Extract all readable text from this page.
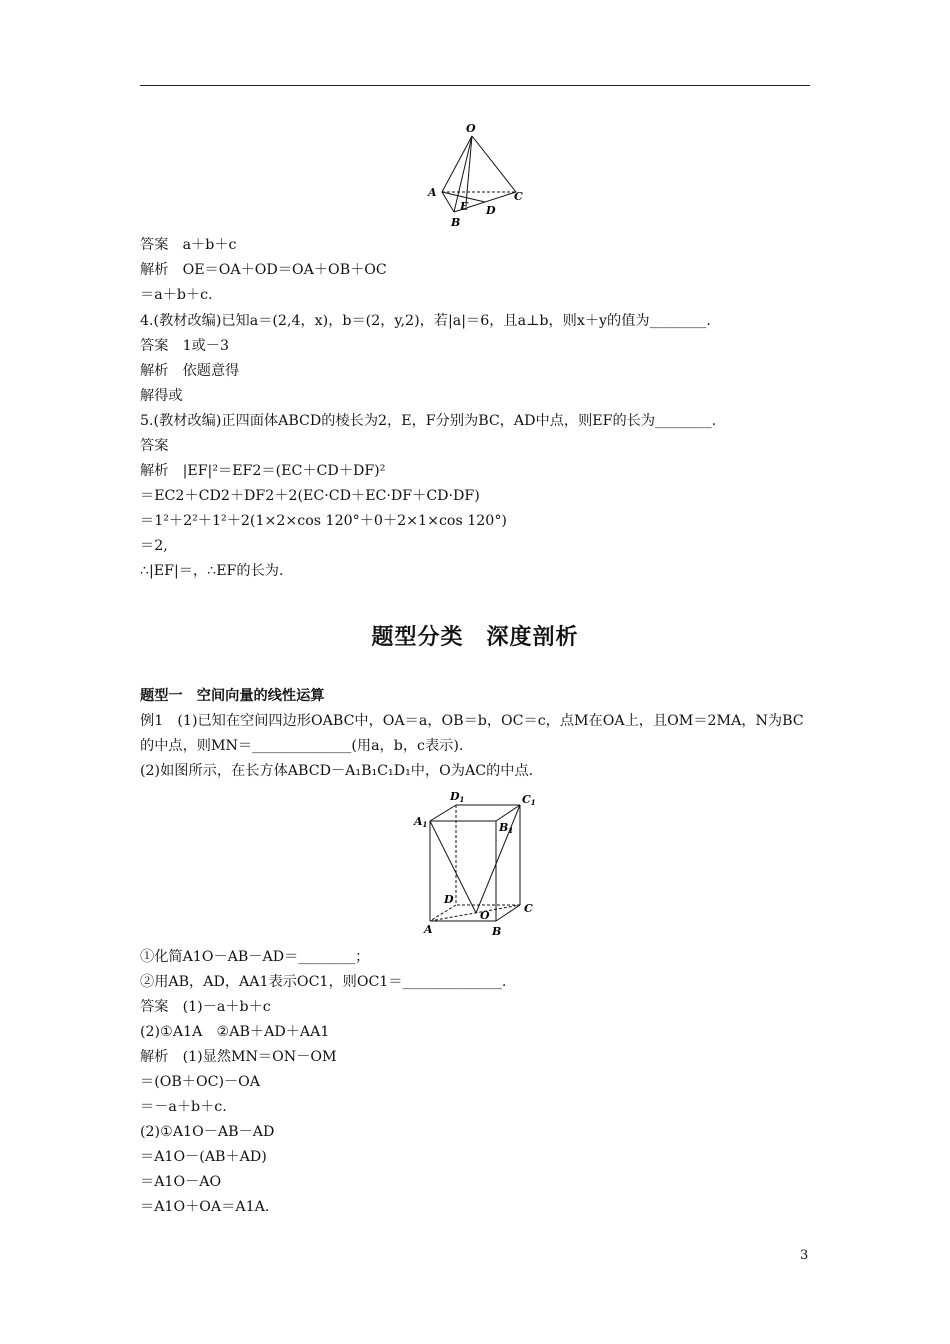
O
A	C
E D
B
答案　a＋b＋c
解析　OE＝OA＋OD＝OA＋OB＋OC
＝a＋b＋c.
4.(教材改编)已知a＝(2,4，x)，b＝(2，y,2)，若|a|＝6，且a⊥b，则x＋y的值为________.
答案　1或－3
解析　依题意得
解得或
5.(教材改编)正四面体ABCD的棱长为2，E，F分别为BC，AD中点，则EF的长为________.
答案
解析　|EF|²＝EF2＝(EC＋CD＋DF)²
＝EC2＋CD2＋DF2＋2(EC·CD＋EC·DF＋CD·DF)
＝1²＋2²＋1²＋2(1×2×cos 120°＋0＋2×1×cos 120°)
＝2,
∴|EF|＝，∴EF的长为.
题型分类　深度剖析
题型一　空间向量的线性运算
例1　(1)已知在空间四边形OABC中，OA＝a，OB＝b，OC＝c，点M在OA上，且OM＝2MA，N为BC
的中点，则MN＝______________(用a，b，c表示).
(2)如图所示，在长方体ABCD－A₁B₁C₁D₁中，O为AC的中点.
D1	C1
A1	B1
D
C
O
A	B
①化简A1O－AB－AD＝________；
②用AB，AD，AA1表示OC1，则OC1＝______________.
答案　(1)－a＋b＋c
(2)①A1A　②AB＋AD＋AA1
解析　(1)显然MN＝ON－OM
＝(OB＋OC)－OA
＝－a＋b＋c.
(2)①A1O－AB－AD
＝A1O－(AB＋AD)
＝A1O－AO
＝A1O＋OA＝A1A.
3
